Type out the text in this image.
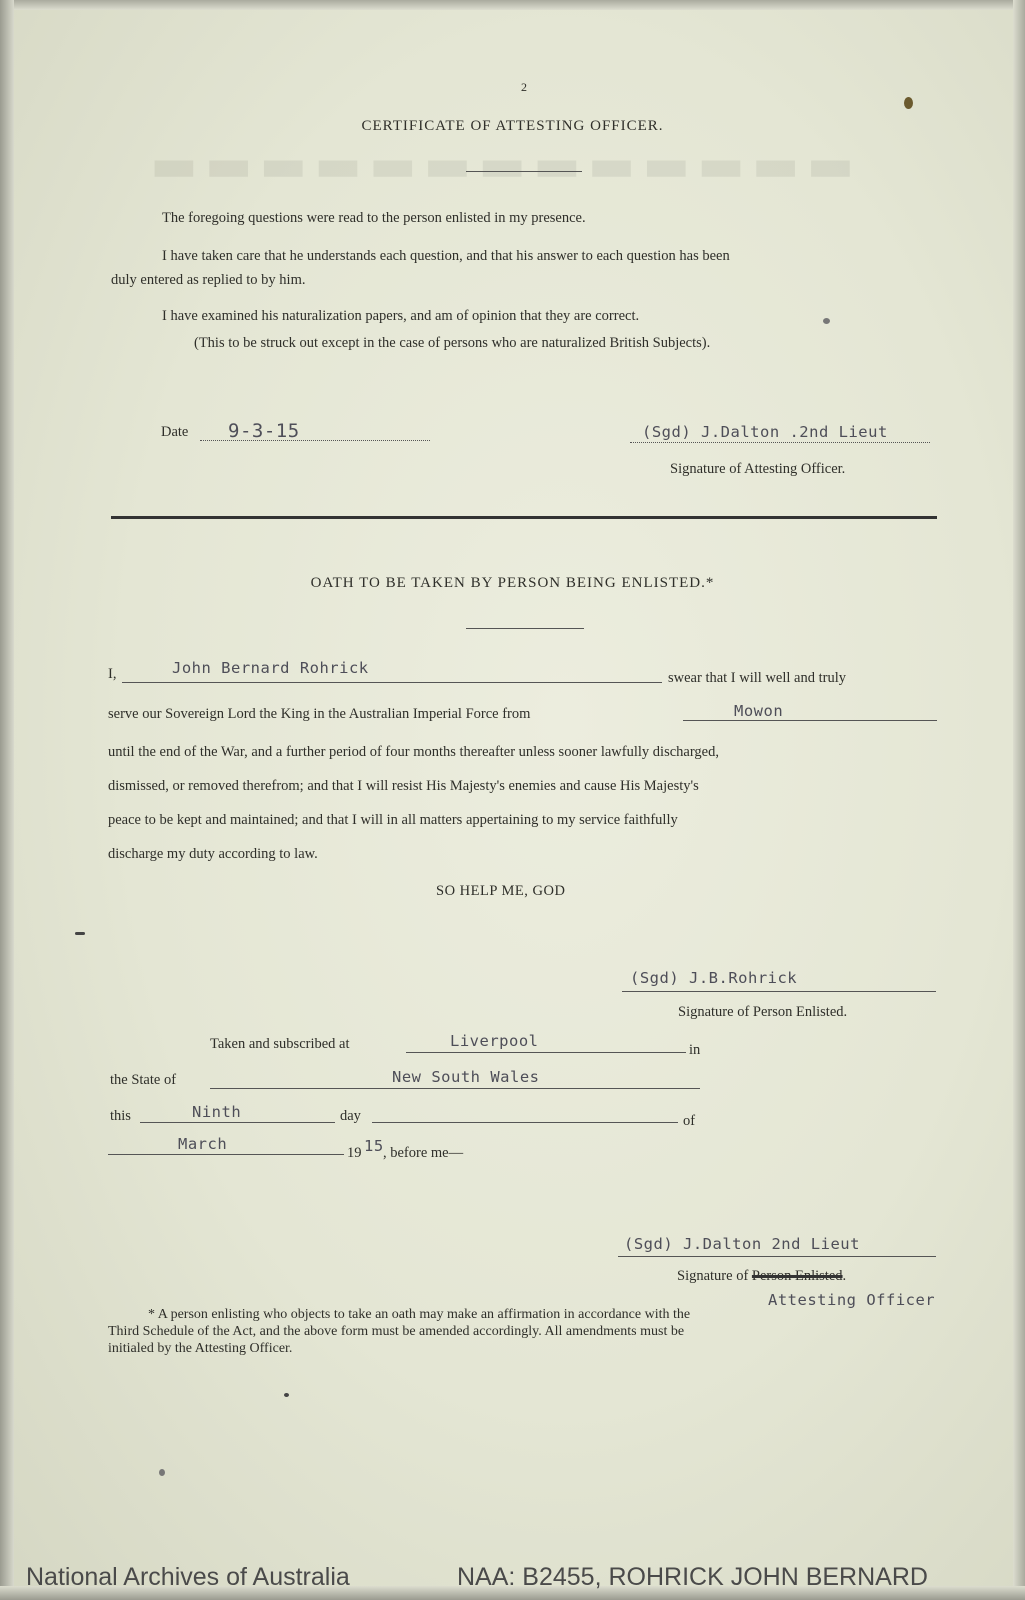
▬▬▬▬▬▬▬▬▬▬▬▬▬
2
CERTIFICATE OF ATTESTING OFFICER.
The foregoing questions were read to the person enlisted in my presence.
I have taken care that he understands each question, and that his answer to each question has been
duly entered as replied to by him.
I have examined his naturalization papers, and am of opinion that they are correct.
(This to be struck out except in the case of persons who are naturalized British Subjects).
Date 9-3-15	(Sgd) J.Dalton .2nd Lieut
Signature of Attesting Officer.
OATH TO BE TAKEN BY PERSON BEING ENLISTED.*
I,	John Bernard Rohrick
swear that I will well and truly
serve our Sovereign Lord the King in the Australian Imperial Force from	Mowon
until the end of the War, and a further period of four months thereafter unless sooner lawfully discharged,
dismissed, or removed therefrom; and that I will resist His Majesty's enemies and cause His Majesty's
peace to be kept and maintained; and that I will in all matters appertaining to my service faithfully
discharge my duty according to law.
SO HELP ME, GOD
(Sgd) J.B.Rohrick
Signature of Person Enlisted.
Taken and subscribed at	Liverpool	in
the State of	New South Wales
this	Ninth	day	of
March	19 15 , before me—
(Sgd) J.Dalton 2nd Lieut
Signature of Person Enlisted.
Attesting Officer
* A person enlisting who objects to take an oath may make an affirmation in accordance with the
Third Schedule of the Act, and the above form must be amended accordingly. All amendments must be
initialed by the Attesting Officer.
National Archives of Australia	NAA: B2455, ROHRICK JOHN BERNARD
